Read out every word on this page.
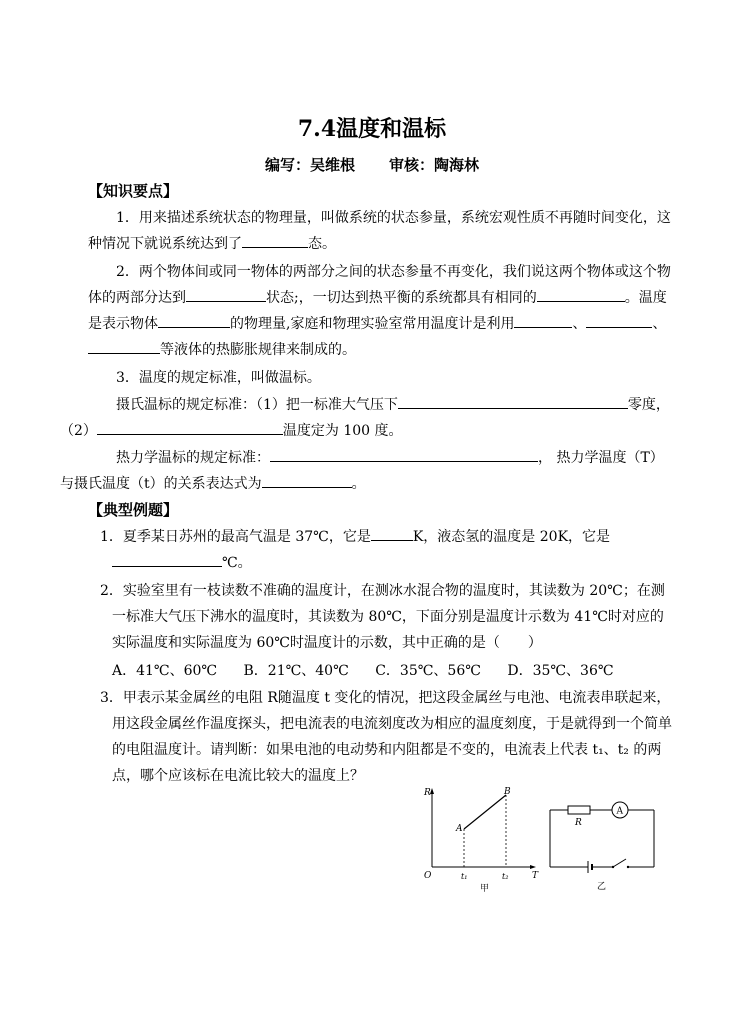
7.4温度和温标
编写：吴维根 审核：陶海林
【知识要点】
1．用来描述系统状态的物理量，叫做系统的状态参量，系统宏观性质不再随时间变化，这种情况下就说系统达到了	态。
2．两个物体间或同一物体的两部分之间的状态参量不再变化，我们说这两个物体或这个物体的两部分达到	状态;，一切达到热平衡的系统都具有相同的	。温度是表示物体	的物理量,家庭和物理实验室常用温度计是利用	、	、等液体的热膨胀规律来制成的。
3．温度的规定标准，叫做温标。
摄氏温标的规定标准：（1）把一标准大气压下	零度，
（2）	温度定为 100 度。
热力学温标的规定标准：	， 热力学温度（T）
与摄氏温度（t）的关系表达式为	。
【典型例题】
1．夏季某日苏州的最高气温是 37℃，它是	K，液态氢的温度是 20K，它是
℃。
2．实验室里有一枝读数不准确的温度计，在测冰水混合物的温度时，其读数为 20℃；在测一标准大气压下沸水的温度时，其读数为 80℃，下面分别是温度计示数为 41℃时对应的实际温度和实际温度为 60℃时温度计的示数，其中正确的是（　　）
A．41℃、60℃ B．21℃、40℃ C．35℃、56℃ D．35℃、36℃
3．甲表示某金属丝的电阻 R随温度 t 变化的情况，把这段金属丝与电池、电流表串联起来，用这段金属丝作温度探头，把电流表的电流刻度改为相应的温度刻度，于是就得到一个简单的电阻温度计。请判断：如果电池的电动势和内阻都是不变的，电流表上代表 t₁、t₂ 的两点，哪个应该标在电流比较大的温度上？
R
T
O
A
B
t₁	t₂
甲
A
R
乙
